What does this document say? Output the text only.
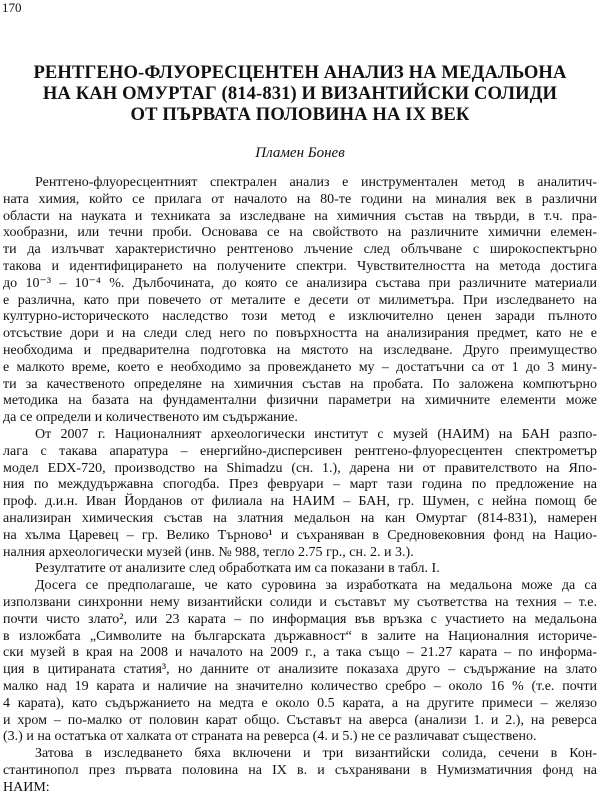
170
РЕНТГЕНО-ФЛУОРЕСЦЕНТЕН АНАЛИЗ НА МЕДАЛЬОНА
НА КАН ОМУРТАГ (814-831) И ВИЗАНТИЙСКИ СОЛИДИ
ОТ ПЪРВАТА ПОЛОВИНА НА IX ВЕК
Пламен Бонев
Рентгено-флуоресцентният спектрален анализ е инструментален метод в аналитич-
ната химия, който се прилага от началото на 80-те години на миналия век в различни
области на науката и техниката за изследване на химичния състав на твърди, в т.ч. пра-
хообразни, или течни проби. Основава се на свойството на различните химични елемен-
ти да излъчват характеристично рентгеново лъчение след облъчване с широкоспектърно
такова и идентифицирането на получените спектри. Чувствителността на метода достига
до 10⁻³ – 10⁻⁴ %. Дълбочината, до която се анализира състава при различните материали
е различна, като при повечето от металите е десети от милиметъра. При изследването на
културно-историческото наследство този метод е изключително ценен заради пълното
отсъствие дори и на следи след него по повърхността на анализирания предмет, като не е
необходима и предварителна подготовка на мястото на изследване. Друго преимущество
е малкото време, което е необходимо за провеждането му – достатъчни са от 1 до 3 мину-
ти за качественото определяне на химичния състав на пробата. По заложена компютърно
методика на базата на фундаментални физични параметри на химичните елементи може
да се определи и количественото им съдържание.
От 2007 г. Националният археологически институт с музей (НАИМ) на БАН разпо-
лага с такава апаратура – енергийно-дисперсивен рентгено-флуоресцентен спектрометър
модел EDX-720, производство на Shimadzu (сн. 1.), дарена ни от правителството на Япо-
ния по междудържавна спогодба. През февруари – март тази година по предложение на
проф. д.и.н. Иван Йорданов от филиала на НАИМ – БАН, гр. Шумен, с нейна помощ бе
анализиран химическия състав на златния медальон на кан Омуртаг (814-831), намерен
на хълма Царевец – гр. Велико Търново¹ и съхраняван в Средновековния фонд на Нацио-
налния археологически музей (инв. № 988, тегло 2.75 гр., сн. 2. и 3.).
Резултатите от анализите след обработката им са показани в табл. I.
Досега се предполагаше, че като суровина за изработката на медальона може да са
използвани синхронни нему византийски солиди и съставът му съответства на техния – т.е.
почти чисто злато², или 23 карата – по информация във връзка с участието на медальона
в изложбата „Символите на българската държавност“ в залите на Националния историче-
ски музей в края на 2008 и началото на 2009 г., а така също – 21.27 карата – по информа-
ция в цитираната статия³, но данните от анализите показаха друго – съдържание на злато
малко над 19 карата и наличие на значително количество сребро – около 16 % (т.е. почти
4 карата), като съдържанието на медта е около 0.5 карата, а на другите примеси – желязо
и хром – по-малко от половин карат общо. Съставът на аверса (анализи 1. и 2.), на реверса
(3.) и на остатъка от халката от страната на реверса (4. и 5.) не се различават съществено.
Затова в изследването бяха включени и три византийски солида, сечени в Кон-
стантинопол през първата половина на IX в. и съхранявани в Нумизматичния фонд на
НАИМ:
